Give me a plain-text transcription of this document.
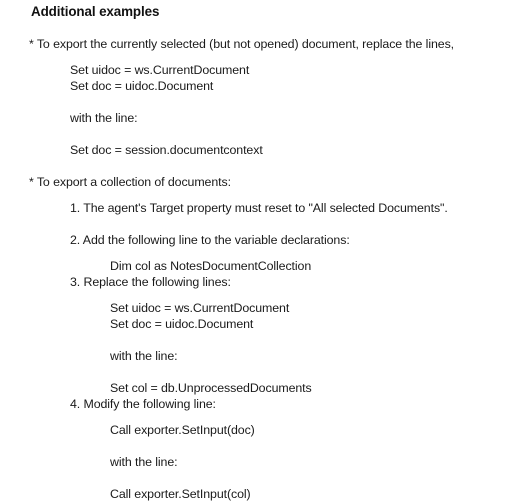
Additional examples
* To export the currently selected (but not opened) document, replace the lines,
Set uidoc = ws.CurrentDocument
Set doc = uidoc.Document
with the line:
Set doc = session.documentcontext
* To export a collection of documents:
1. The agent's Target property must reset to "All selected Documents".
2. Add the following line to the variable declarations:
Dim col as NotesDocumentCollection
3. Replace the following lines:
Set uidoc = ws.CurrentDocument
Set doc = uidoc.Document
with the line:
Set col = db.UnprocessedDocuments
4. Modify the following line:
Call exporter.SetInput(doc)
with the line:
Call exporter.SetInput(col)
